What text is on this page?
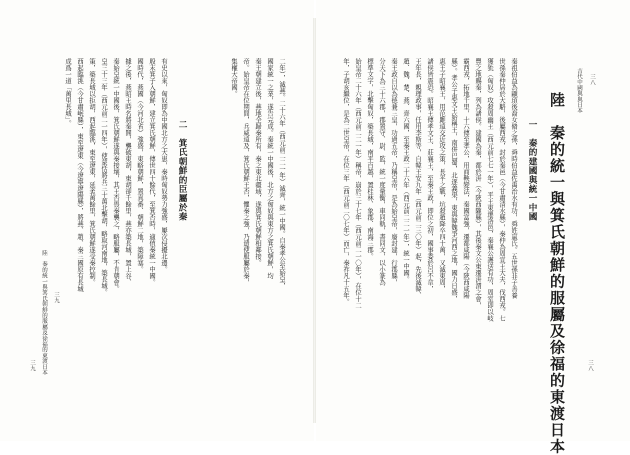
三九
二　箕氏朝鮮的臣屬於秦	二年），滅燕。二十六年（西元前二二一年）滅齊，統一中國。自秦孝公至始皇，
國家統一之業，遂告完成。秦統一中國後，北方之匈奴與東方之箕氏朝鮮，均
秦王朝建立後，燕地全歸秦所有，秦之東北疆域，遂與箕氏朝鮮相鄰接。
帝。始皇帝在位期間，兵威遠及，箕氏朝鮮王否，懼秦之強，乃遣使服屬於秦，
集權大帝國。
有史以來，匈奴即為中國北方之大患，秦時匈奴勢力強盛，屢次侵擾北邊。
殷末箕子入朝鮮，建立箕氏朝鮮，傳世四十餘代，至箕否時，適值秦統一中國。
國時代，燕國（今河北省）強盛，東略朝鮮，置真番、朝鮮二地，築障塞。
據之後，燕昭王時名將秦開，襲破東胡，東胡卻千餘里，燕亦築長城，置上谷、
秦始皇統一中國後，箕氏朝鮮遂與秦接壤，其王否畏秦襲之，略服屬，不肯朝會。
皇三十三年（西元前二一四年），使蒙恬將兵三十萬北擊胡，略取河南地，築長城。
策，築長城以拒胡，西起臨洮，東至遼東，延袤萬餘里，箕氏朝鮮遂受秦控制。
西起臨洮（今甘肅岷縣），東至遼東（今遼寧遼陽縣），將燕、趙、秦三國原有長城
成爲一道「萬里長城」。
陸　秦的統一與箕氏朝鮮的服屬及徐福的東渡日本
三九
吉代中國與與日本	三八
陸　秦的統一與箕氏朝鮮的服屬及徐福的東渡日本
一　秦的建國與統一中國
秦祖伯益為顓頊後裔女脩之孫，舜時伯益佐禹治水有功，舜姓嬴氏。五世孫非子善養
世孫秦仲居於大駱，後屬西戎，封於秦邑（今甘肅清水縣），秦仲為周宣王大夫，伐西戎。七
獲狁（匈奴）攻殺周幽王（西元前七七一年），平王東遷洛邑，秦襄公護送有功，周室即以岐
豐之地賜秦，列為諸侯。建國為秦，都於汧（今陝西隴縣），其後秦文公東遷汧渭之會，
霸西戎，拓地千里，十六傳至孝公，用商鞅變法，秦國富強，遷都咸陽（今陝西咸陽
縣）。孝公子惠文王始稱王，南併巴蜀，北逐義渠，東與韓魏爭河西之地，國力日盛，
惠王子昭襄王，用范雎遠交近攻之策，長平之戰，坑殺趙降卒四十萬，又滅東周，
諸侯皆震恐。昭襄王傳孝文王、莊襄王，至秦王政，即位之初，國事委於呂不韋，
王年長，親理政事，任用李斯等，自韓王安九年（西元前二三〇年）起，先後滅韓、
趙、魏、楚、燕、齊六國，至秦王政二十六年（西元前二二一年），統一中國。
秦王政自以為德兼三皇，功過五帝，乃稱皇帝，是為始皇帝，廢封建，行郡縣，
分天下為三十六郡，郡置守、尉、監，統一度量衡，車同軌，書同文，以小篆為
標準文字，北擊匈奴，築長城，南平百越，置桂林、象郡、南海三郡。
始皇帝二十六年（西元前二二一年）稱帝，崩於三十七年（西元前二一〇年），在位十二
年，子胡亥繼位，是為二世皇帝，在位三年（西元前二〇七年）而亡，秦祚凡十五年。
三八
